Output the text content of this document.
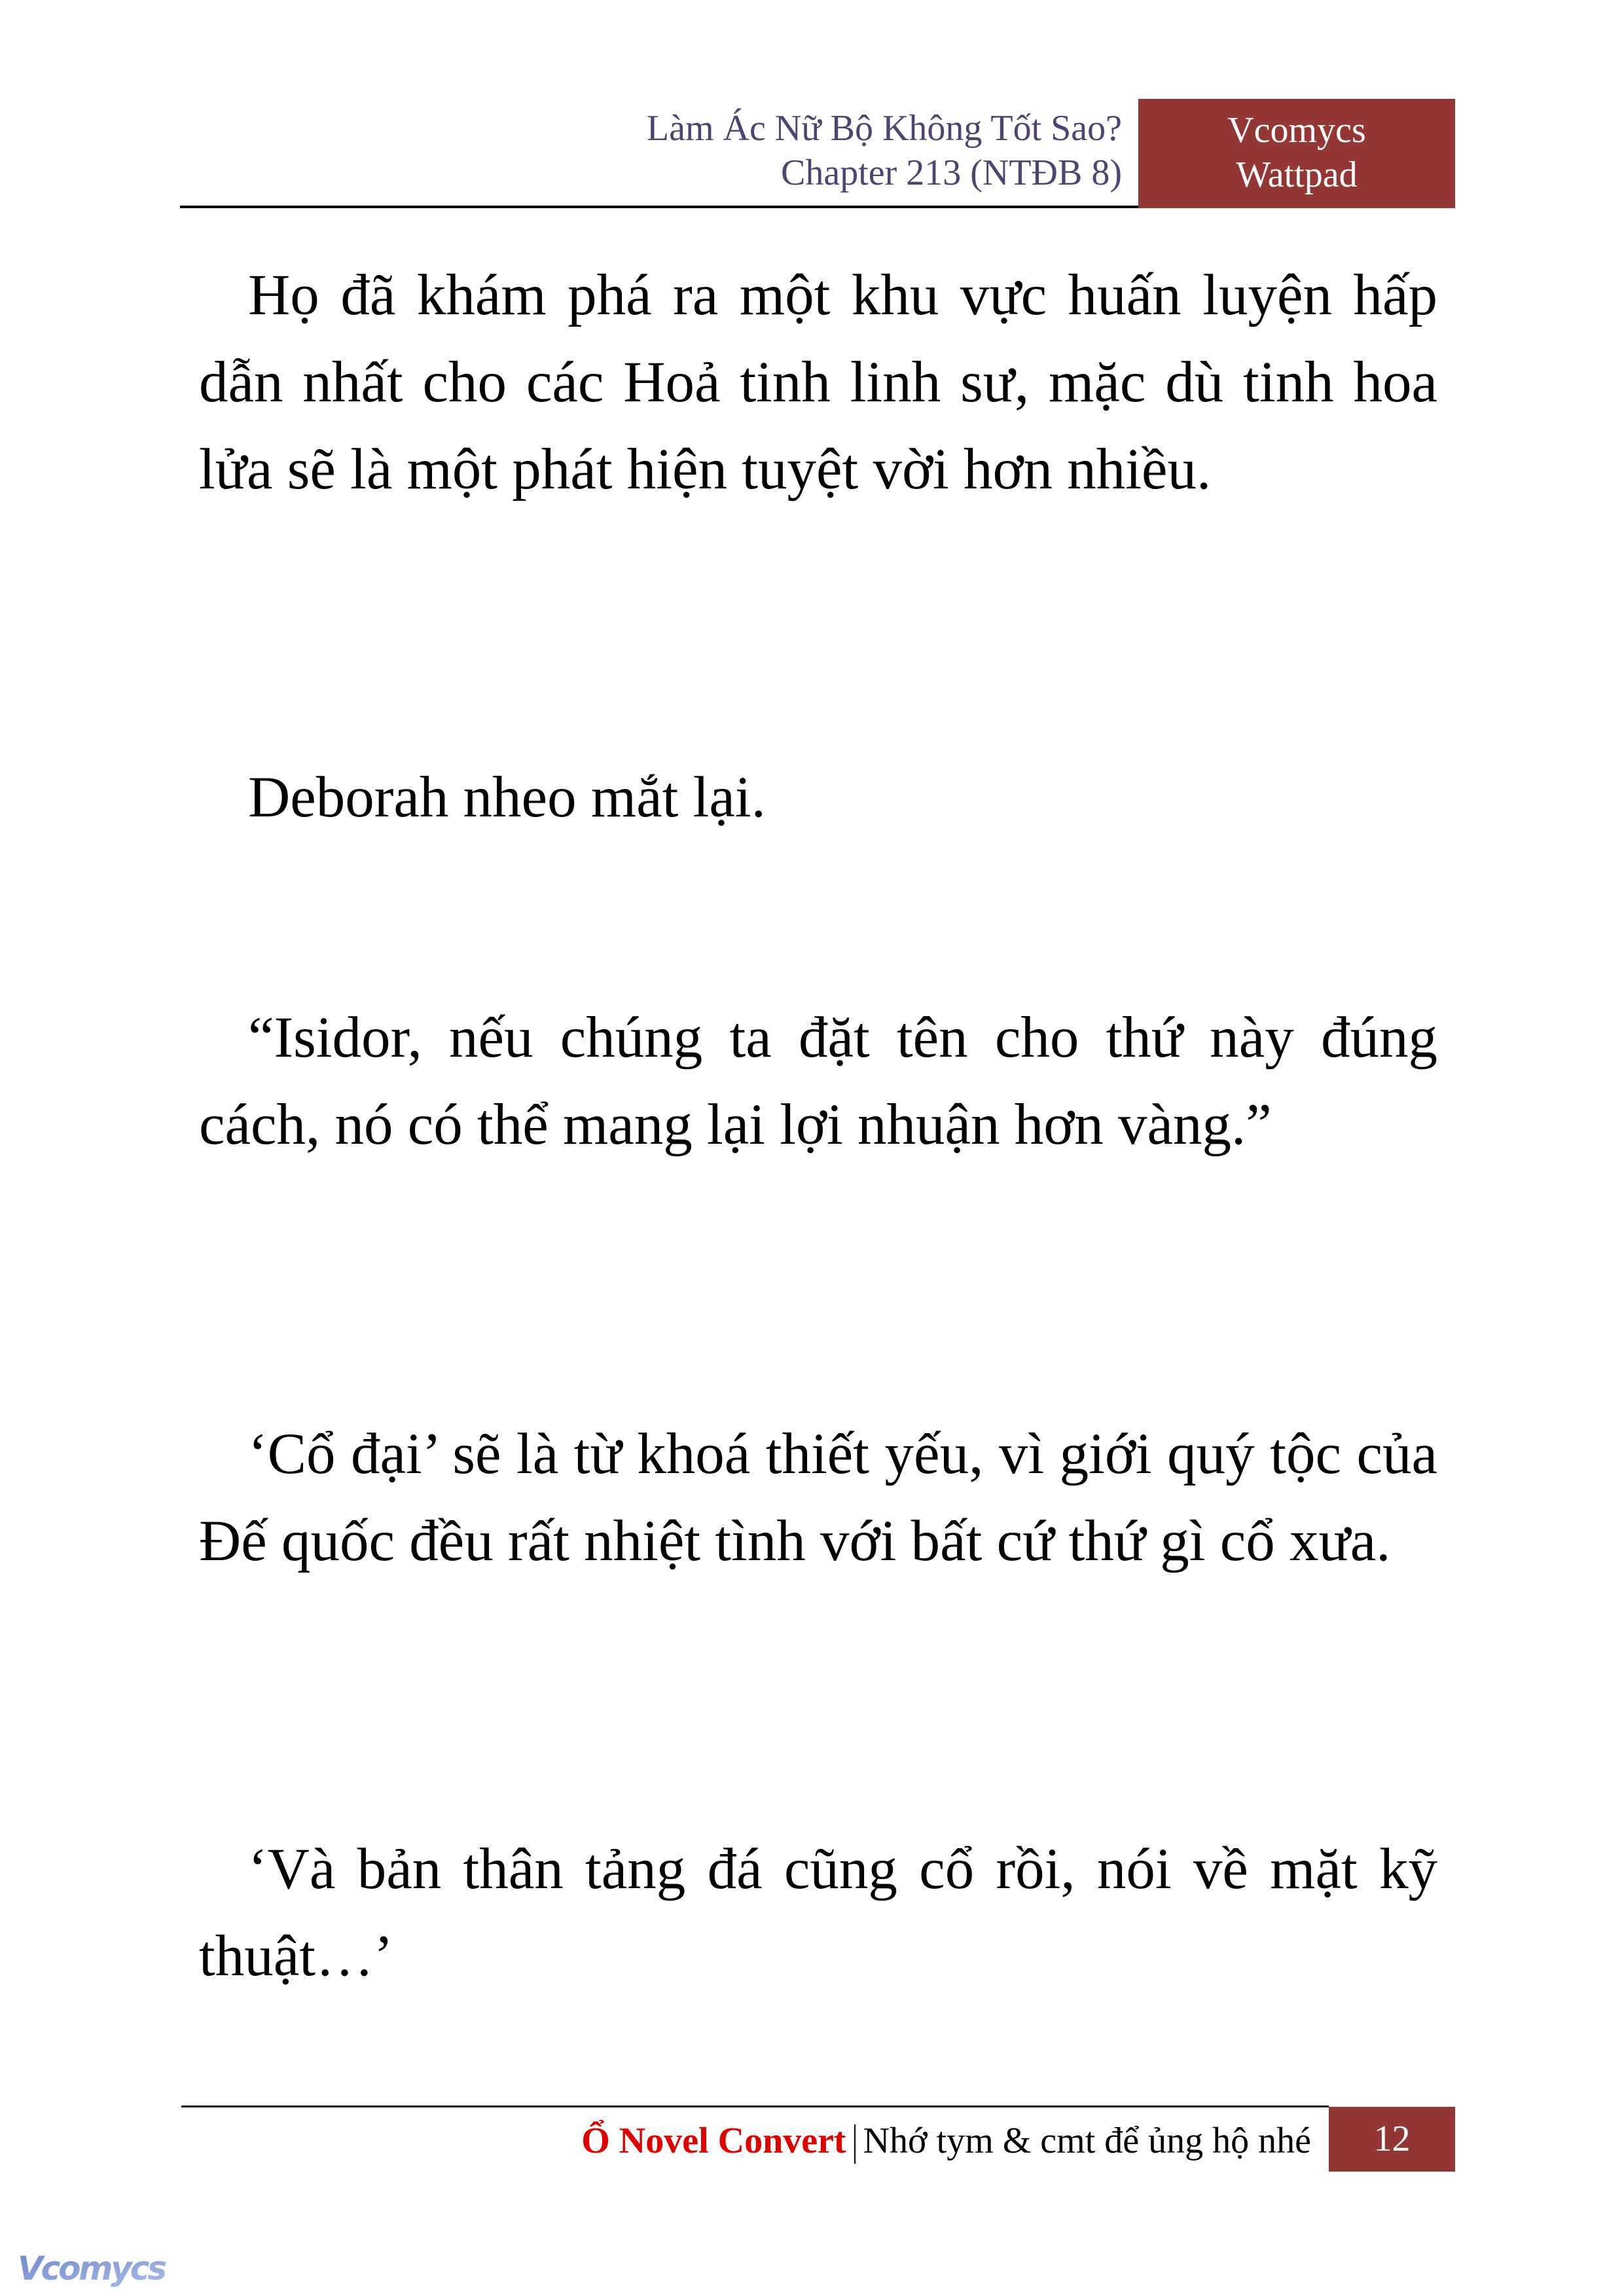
Làm Ác Nữ Bộ Không Tốt Sao?
Chapter 213 (NTĐB 8)
Vcomycs
Wattpad

Họ đã khám phá ra một khu vực huấn luyện hấp dẫn nhất cho các Hoả tinh linh sư, mặc dù tinh hoa lửa sẽ là một phát hiện tuyệt vời hơn nhiều.

Deborah nheo mắt lại.

“Isidor, nếu chúng ta đặt tên cho thứ này đúng cách, nó có thể mang lại lợi nhuận hơn vàng.”

‘Cổ đại’ sẽ là từ khoá thiết yếu, vì giới quý tộc của Đế quốc đều rất nhiệt tình với bất cứ thứ gì cổ xưa.

‘Và bản thân tảng đá cũng cổ rồi, nói về mặt kỹ thuật…’

Ổ Novel Convert Nhớ tym & cmt để ủng hộ nhé	12
Vcomycs
